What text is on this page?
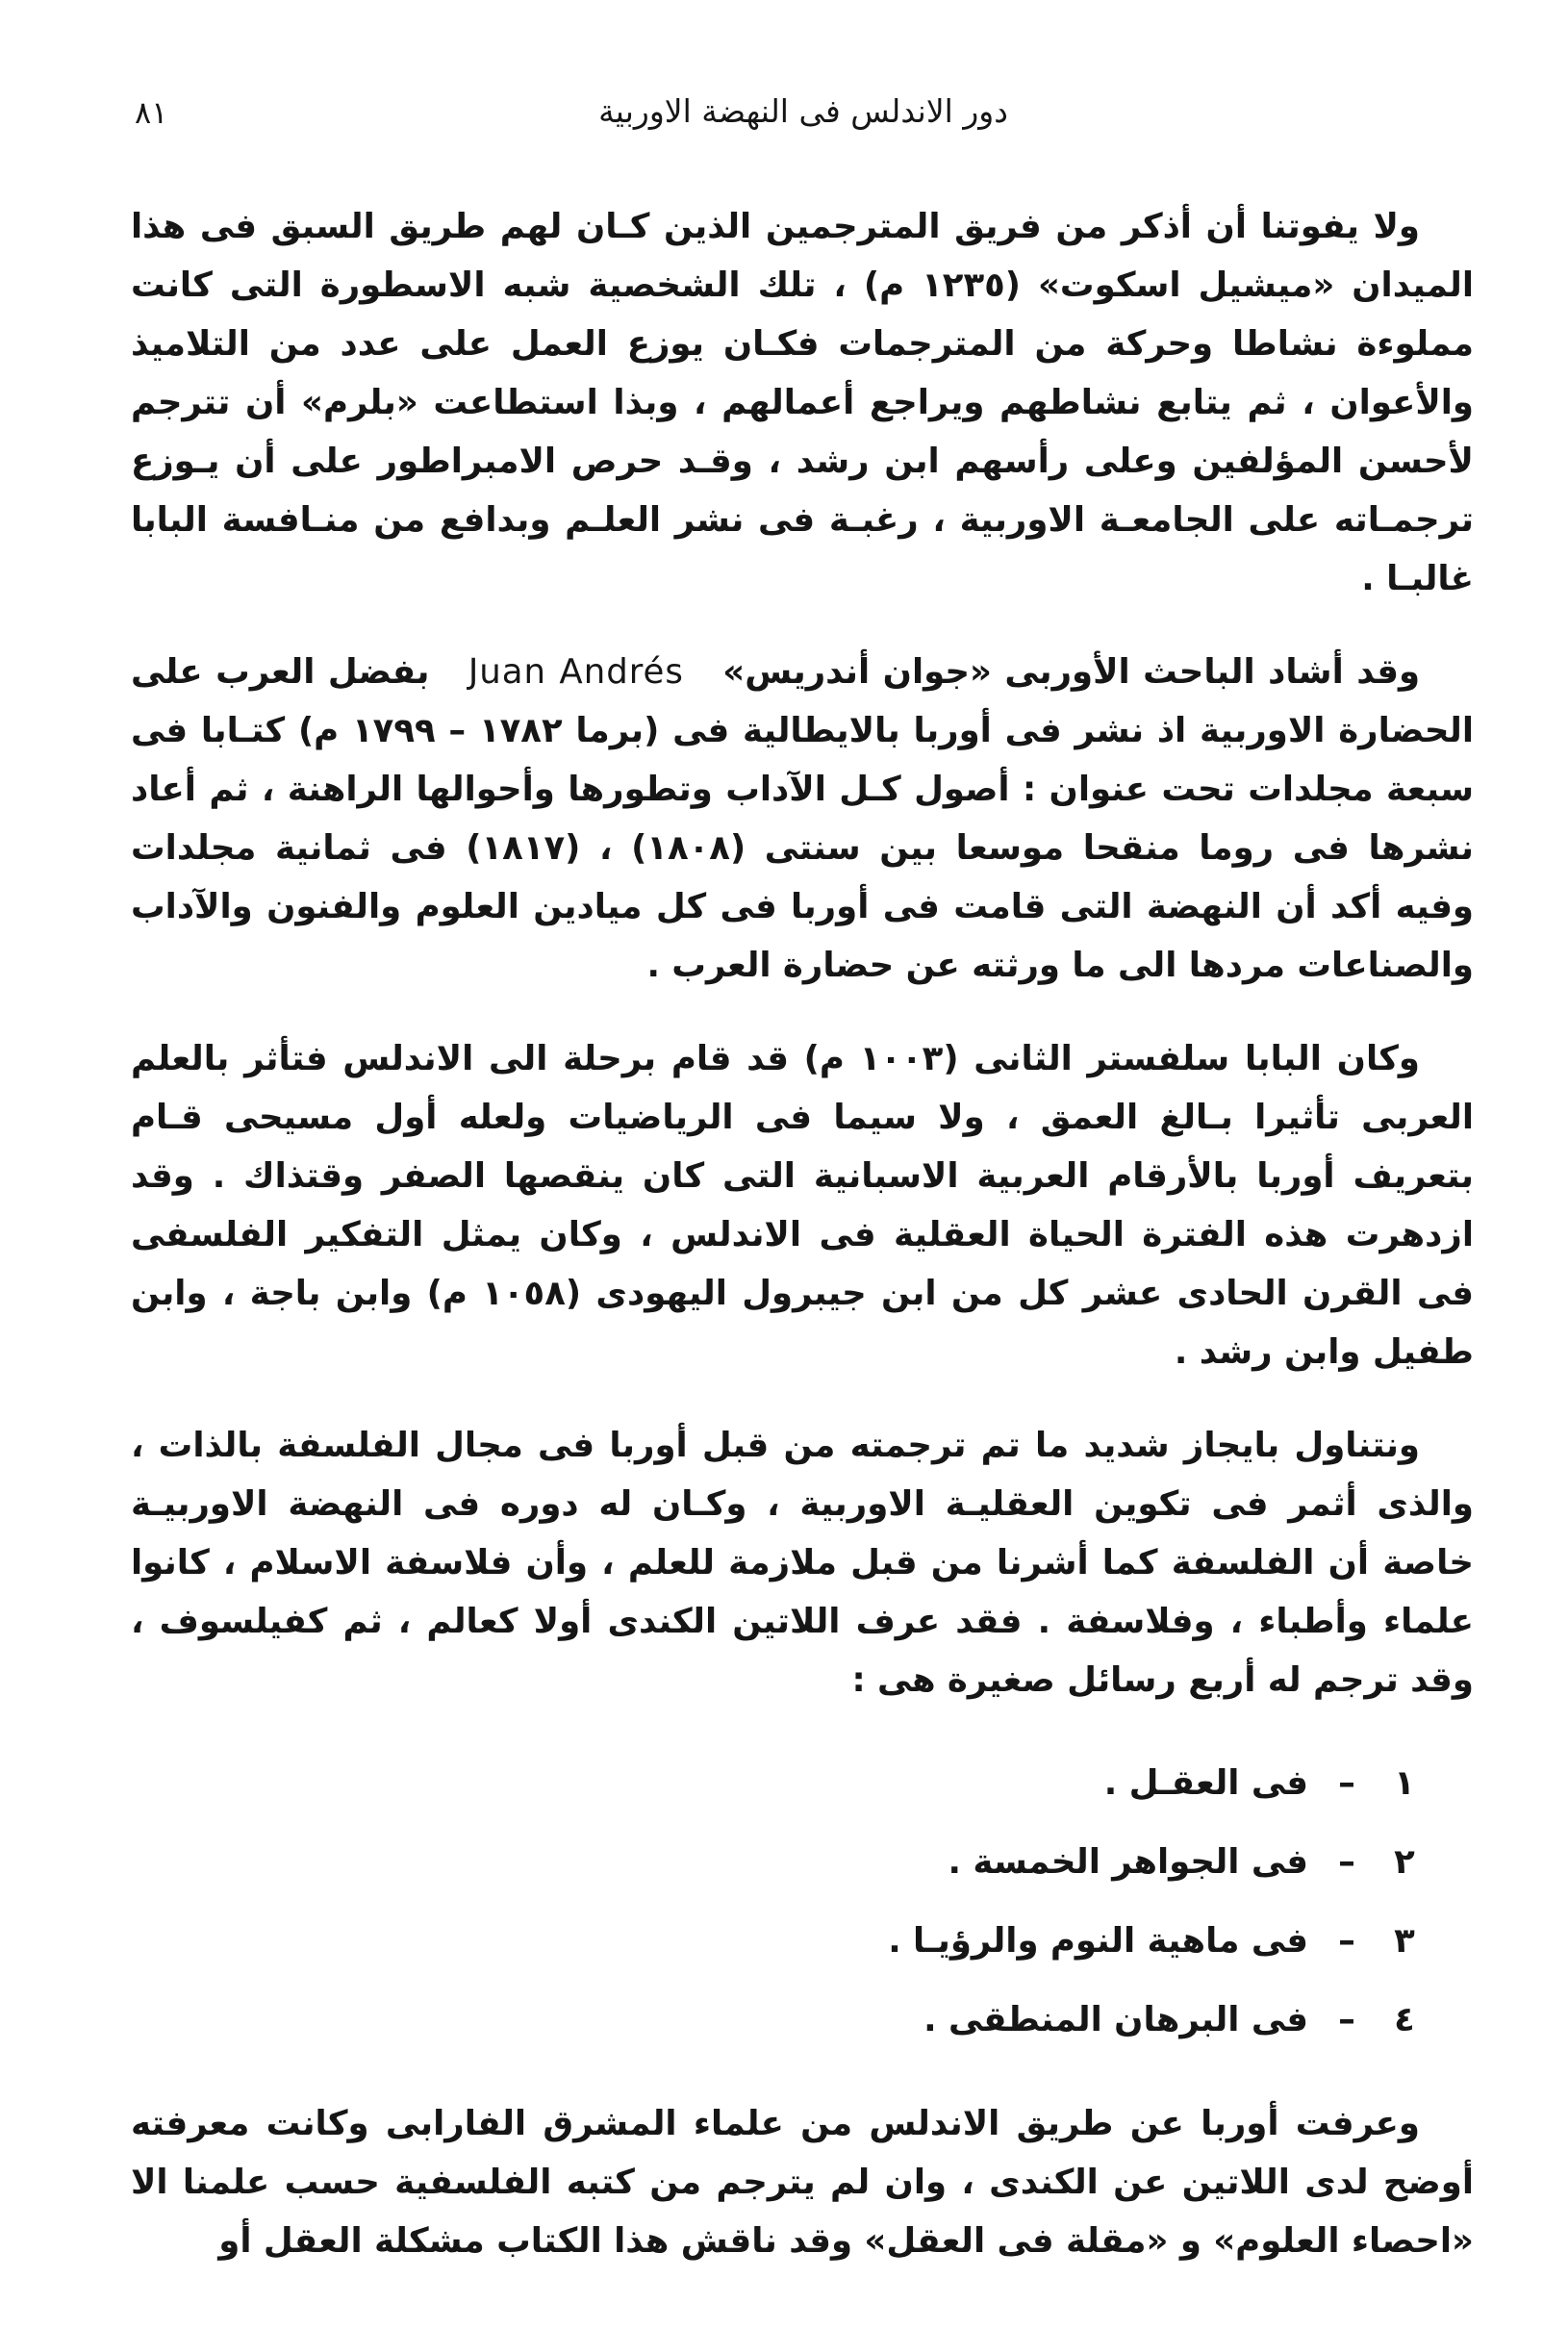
دور الاندلس فى النهضة الاوربية
٨١

ولا يفوتنا أن أذكر من فريق المترجمين الذين كـان لهم طريق السبق فى هذا الميدان «ميشيل اسكوت» (١٢٣٥ م) ، تلك الشخصية شبه الاسطورة التى كانت مملوءة نشاطا وحركة من المترجمات فكـان يوزع العمل على عدد من التلاميذ والأعوان ، ثم يتابع نشاطهم ويراجع أعمالهم ، وبذا استطاعت «بلرم» أن تترجم لأحسن المؤلفين وعلى رأسهم ابن رشد ، وقـد حرص الامبراطور على أن يـوزع ترجمـاته على الجامعـة الاوربية ، رغبـة فى نشر العلـم وبدافع من منـافسة البابا غالبـا .

وقد أشاد الباحث الأوربى «جوان أندريس»   Juan Andrés   بفضل العرب على الحضارة الاوربية اذ نشر فى أوربا بالايطالية فى (برما ١٧٨٢ – ١٧٩٩ م) كتـابا فى سبعة مجلدات تحت عنوان : أصول كـل الآداب وتطورها وأحوالها الراهنة ، ثم أعاد نشرها فى روما منقحا موسعا بين سنتى (١٨٠٨) ، (١٨١٧) فى ثمانية مجلدات وفيه أكد أن النهضة التى قامت فى أوربا فى كل ميادين العلوم والفنون والآداب والصناعات مردها الى ما ورثته عن حضارة العرب .

وكان البابا سلفستر الثانى (١٠٠٣ م) قد قام برحلة الى الاندلس فتأثر بالعلم العربى تأثيرا بـالغ العمق ، ولا سيما فى الرياضيات ولعله أول مسيحى قـام بتعريف أوربا بالأرقام العربية الاسبانية التى كان ينقصها الصفر وقتذاك . وقد ازدهرت هذه الفترة الحياة العقلية فى الاندلس ، وكان يمثل التفكير الفلسفى فى القرن الحادى عشر كل من ابن جيبرول اليهودى (١٠٥٨ م) وابن باجة ، وابن طفيل وابن رشد .

ونتناول بايجاز شديد ما تم ترجمته من قبل أوربا فى مجال الفلسفة بالذات ، والذى أثمر فى تكوين العقليـة الاوربية ، وكـان له دوره فى النهضة الاوربيـة خاصة أن الفلسفة كما أشرنا من قبل ملازمة للعلم ، وأن فلاسفة الاسلام ، كانوا علماء وأطباء ، وفلاسفة . فقد عرف اللاتين الكندى أولا كعالم ، ثم كفيلسوف ، وقد ترجم له أربع رسائل صغيرة هى :

١
–
فى العقـل .
٢
–
فى الجواهر الخمسة .
٣
–
فى ماهية النوم والرؤيـا .
٤
–
فى البرهان المنطقى .

وعرفت أوربا عن طريق الاندلس من علماء المشرق الفارابى وكانت معرفته أوضح لدى اللاتين عن الكندى ، وان لم يترجم من كتبه الفلسفية حسب علمنا الا «احصاء العلوم» و «مقلة فى العقل» وقد ناقش هذا الكتاب مشكلة العقل أو
